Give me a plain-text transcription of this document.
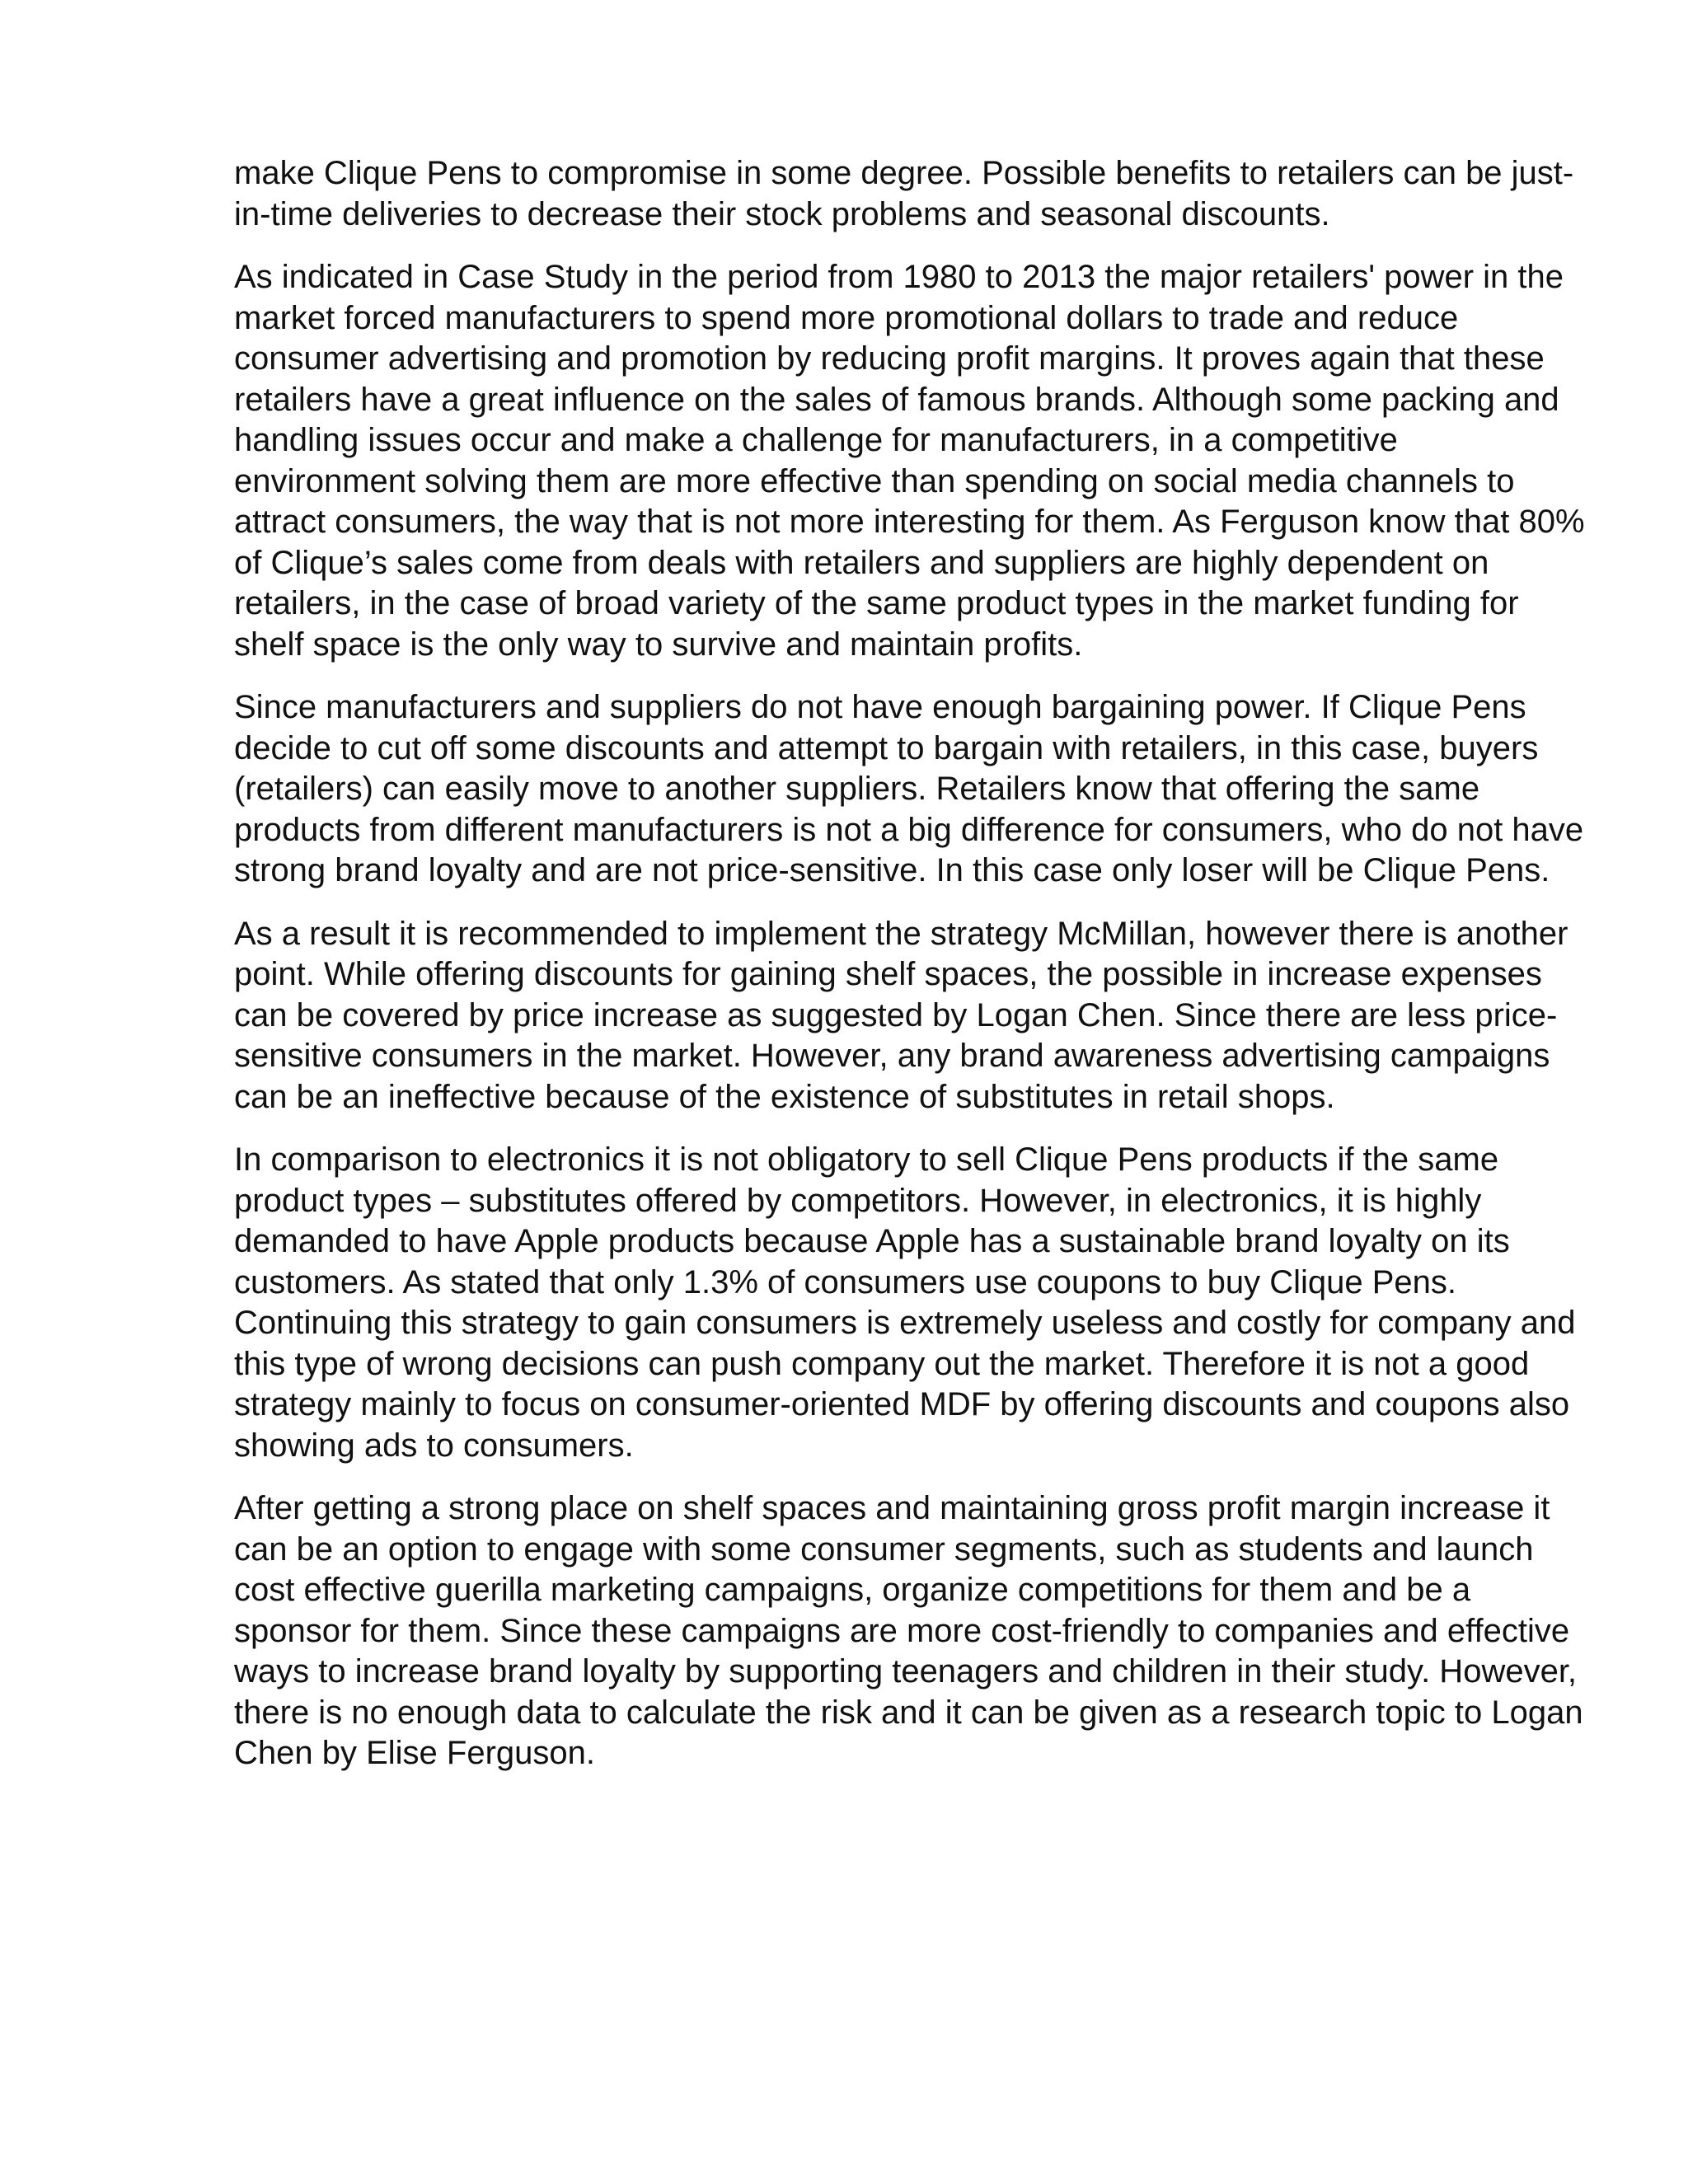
make Clique Pens to compromise in some degree. Possible benefits to retailers can be just-in-time deliveries to decrease their stock problems and seasonal discounts.

As indicated in Case Study in the period from 1980 to 2013 the major retailers' power in the market forced manufacturers to spend more promotional dollars to trade and reduce consumer advertising and promotion by reducing profit margins. It proves again that these retailers have a great influence on the sales of famous brands. Although some packing and handling issues occur and make a challenge for manufacturers, in a competitive environment solving them are more effective than spending on social media channels to attract consumers, the way that is not more interesting for them. As Ferguson know that 80% of Clique’s sales come from deals with retailers and suppliers are highly dependent on retailers, in the case of broad variety of the same product types in the market funding for shelf space is the only way to survive and maintain profits.

Since manufacturers and suppliers do not have enough bargaining power. If Clique Pens decide to cut off some discounts and attempt to bargain with retailers, in this case, buyers (retailers) can easily move to another suppliers. Retailers know that offering the same products from different manufacturers is not a big difference for consumers, who do not have strong brand loyalty and are not price-sensitive. In this case only loser will be Clique Pens.

As a result it is recommended to implement the strategy McMillan, however there is another point. While offering discounts for gaining shelf spaces, the possible in increase expenses can be covered by price increase as suggested by Logan Chen. Since there are less price-sensitive consumers in the market. However, any brand awareness advertising campaigns can be an ineffective because of the existence of substitutes in retail shops.

In comparison to electronics it is not obligatory to sell Clique Pens products if the same product types – substitutes offered by competitors. However, in electronics, it is highly demanded to have Apple products because Apple has a sustainable brand loyalty on its customers. As stated that only 1.3% of consumers use coupons to buy Clique Pens. Continuing this strategy to gain consumers is extremely useless and costly for company and this type of wrong decisions can push company out the market. Therefore it is not a good strategy mainly to focus on consumer-oriented MDF by offering discounts and coupons also showing ads to consumers.

After getting a strong place on shelf spaces and maintaining gross profit margin increase it can be an option to engage with some consumer segments, such as students and launch cost effective guerilla marketing campaigns, organize competitions for them and be a sponsor for them. Since these campaigns are more cost-friendly to companies and effective ways to increase brand loyalty by supporting teenagers and children in their study. However, there is no enough data to calculate the risk and it can be given as a research topic to Logan Chen by Elise Ferguson.
